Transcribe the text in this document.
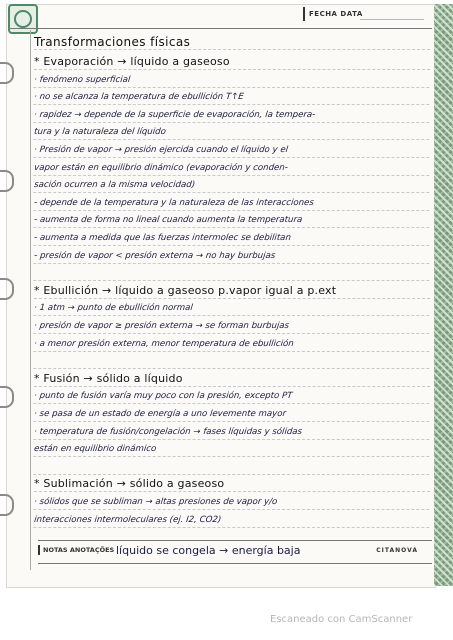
FECHA DATA
Transformaciones físicas
* Evaporación → líquido a gaseoso
· fenómeno superficial
· no se alcanza la temperatura de ebullición T↑E
· rapidez → depende de la superficie de evaporación, la tempera-
tura y la naturaleza del líquido
· Presión de vapor → presión ejercida cuando el líquido y el
vapor están en equilibrio dinámico (evaporación y conden-
sación ocurren a la misma velocidad)
- depende de la temperatura y la naturaleza de las interacciones
- aumenta de forma no lineal cuando aumenta la temperatura
- aumenta a medida que las fuerzas intermolec se debilitan
- presión de vapor < presión externa → no hay burbujas
* Ebullición → líquido a gaseoso p.vapor igual a p.ext
· 1 atm → punto de ebullición normal
· presión de vapor ≥ presión externa → se forman burbujas
· a menor presión externa, menor temperatura de ebullición
* Fusión → sólido a líquido
· punto de fusión varía muy poco con la presión, excepto PT
· se pasa de un estado de energía a uno levemente mayor
· temperatura de fusión/congelación → fases líquidas y sólidas
están en equilibrio dinámico
* Sublimación → sólido a gaseoso
· sólidos que se subliman → altas presiones de vapor y/o
interacciones intermoleculares (ej. I2, CO2)
NOTAS ANOTAÇÕES líquido se congela → energía baja	CITANOVA
Escaneado con CamScanner
